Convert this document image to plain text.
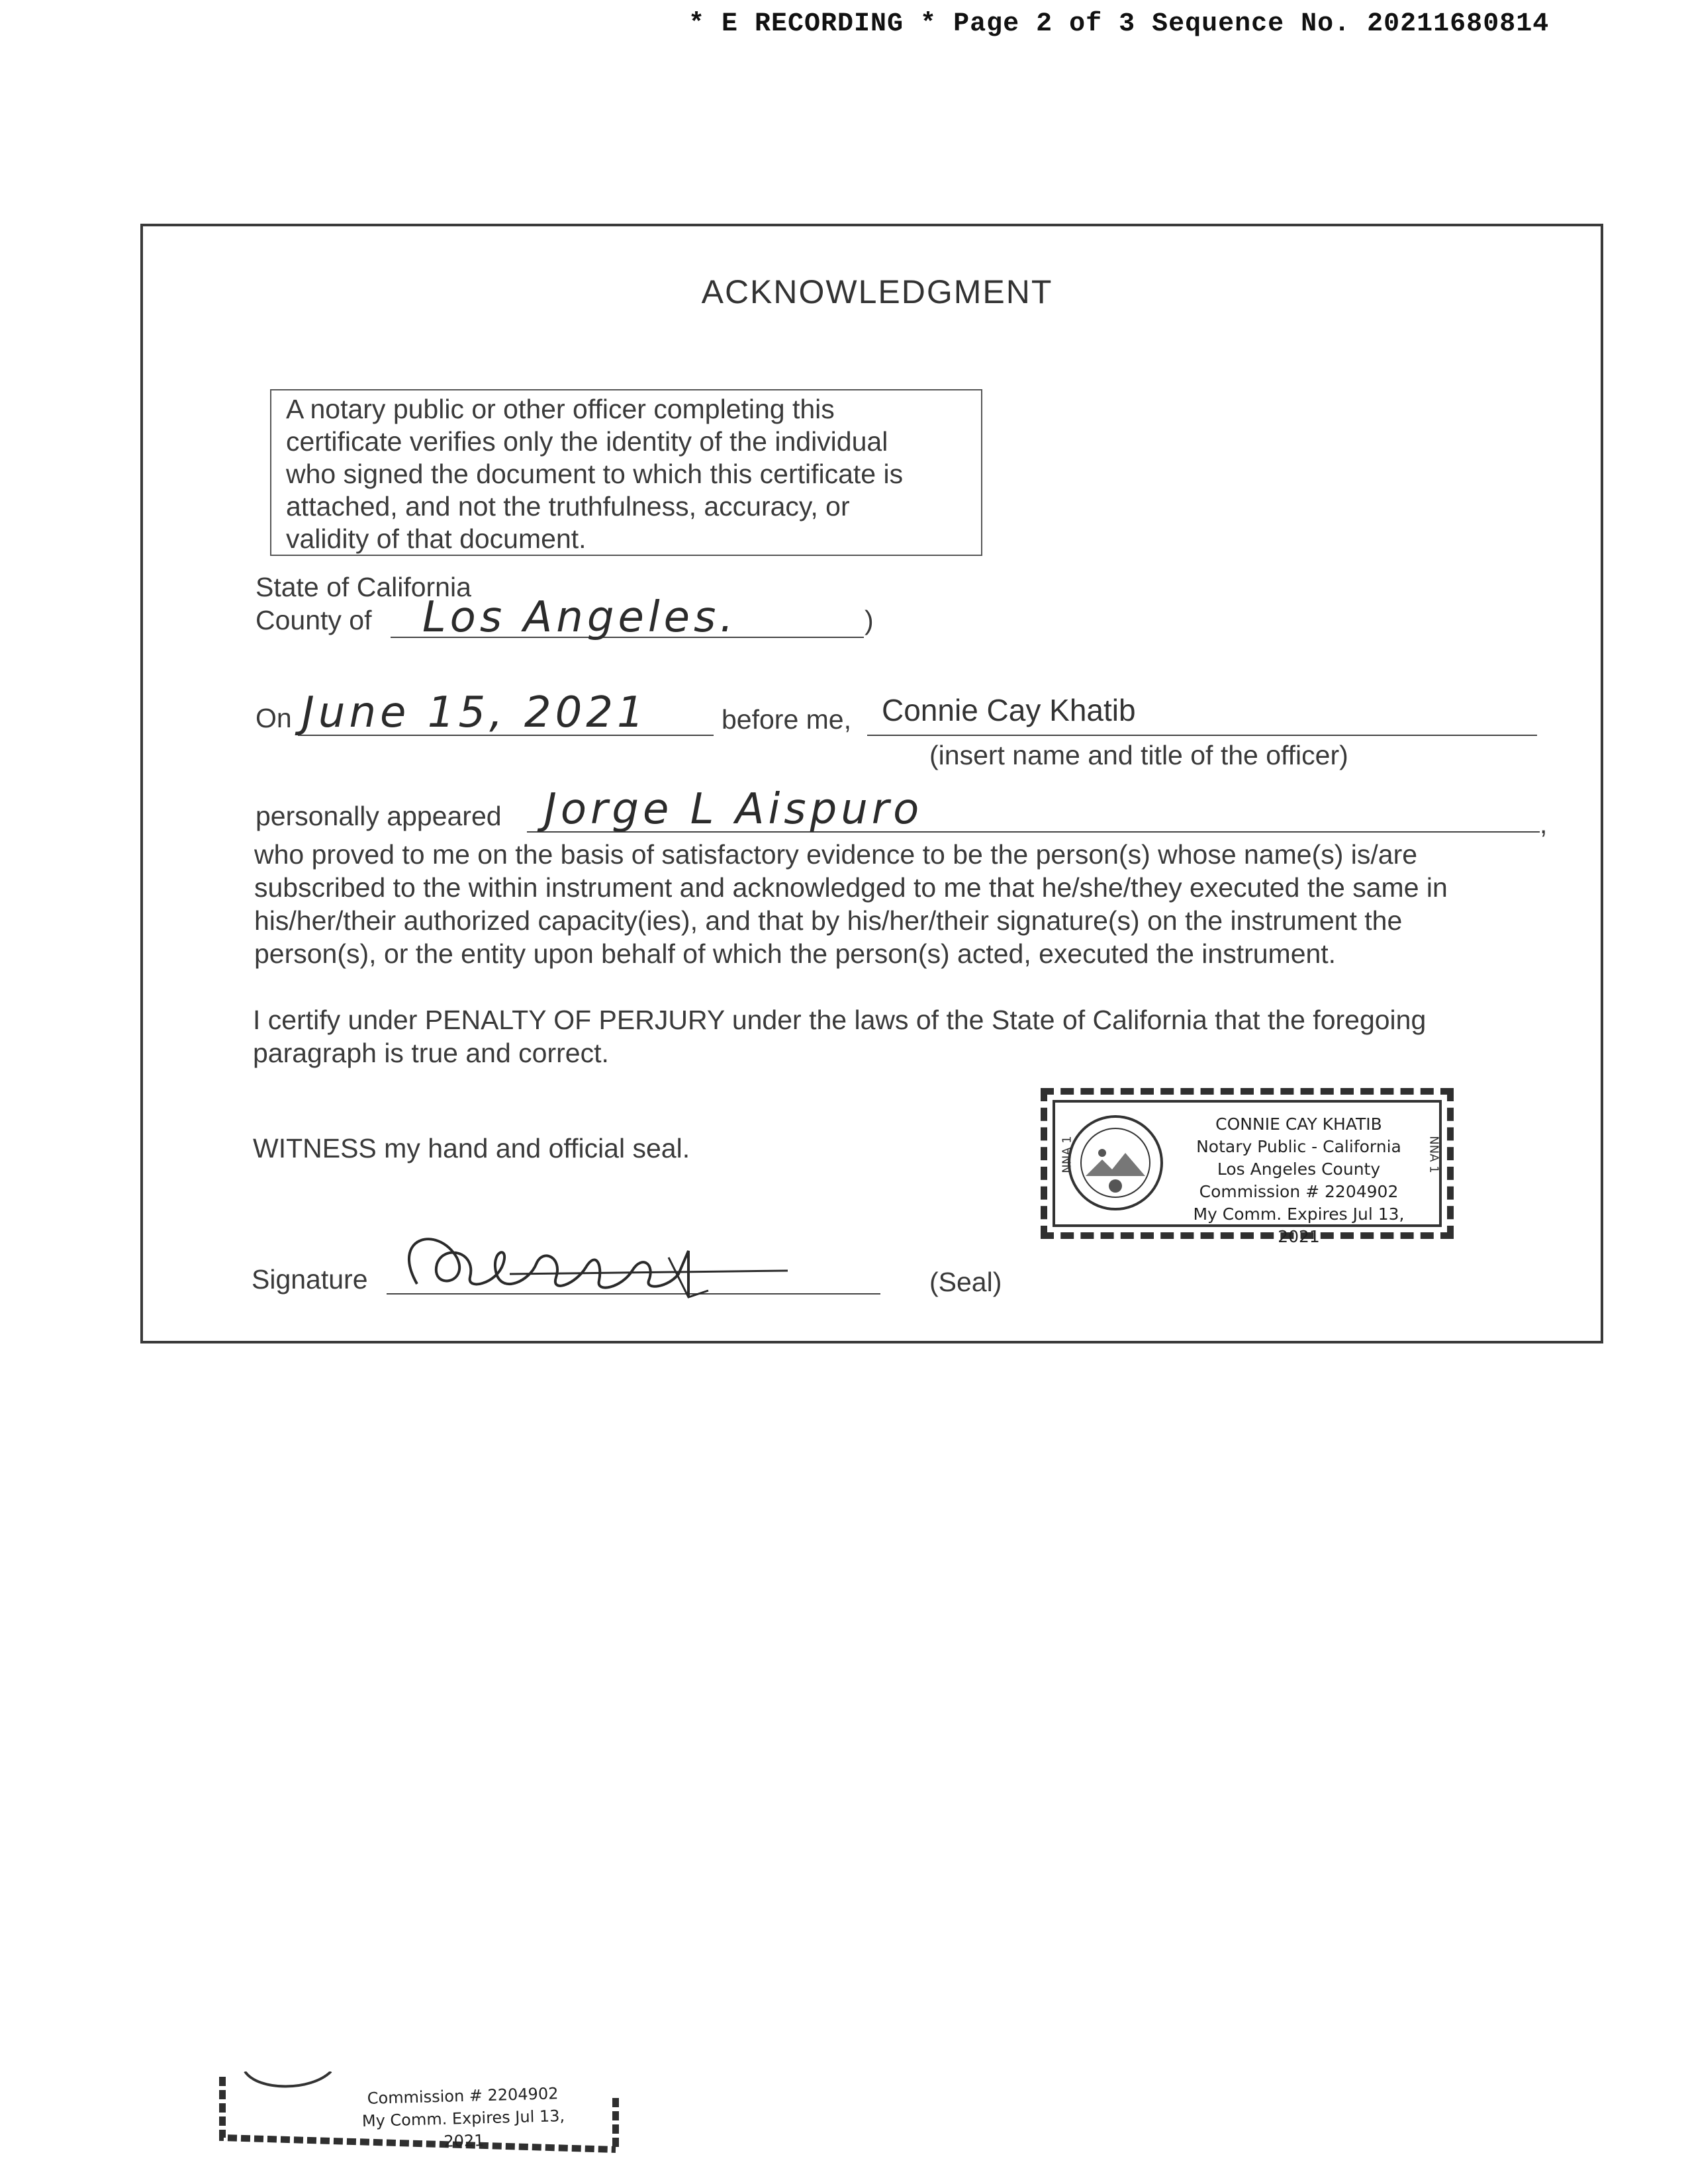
* E RECORDING * Page 2 of 3 Sequence No. 20211680814
ACKNOWLEDGMENT
A notary public or other officer completing this
certificate verifies only the identity of the individual
who signed the document to which this certificate is
attached, and not the truthfulness, accuracy, or
validity of that document.
State of California
County of Los Angeles.	)
On June 15, 2021	before me, Connie Cay Khatib
(insert name and title of the officer)
personally appeared Jorge L Aispuro	,
who proved to me on the basis of satisfactory evidence to be the person(s) whose name(s) is/are
subscribed to the within instrument and acknowledged to me that he/she/they executed the same in
his/her/their authorized capacity(ies), and that by his/her/their signature(s) on the instrument the
person(s), or the entity upon behalf of which the person(s) acted, executed the instrument.
I certify under PENALTY OF PERJURY under the laws of the State of California that the foregoing
paragraph is true and correct.
WITNESS my hand and official seal.
Signature	(Seal)
CONNIE CAY KHATIB
Notary Public - California
Los Angeles County
Commission # 2204902
My Comm. Expires Jul 13, 2021
NNA 1	NNA 1
Commission # 2204902
My Comm. Expires Jul 13, 2021
